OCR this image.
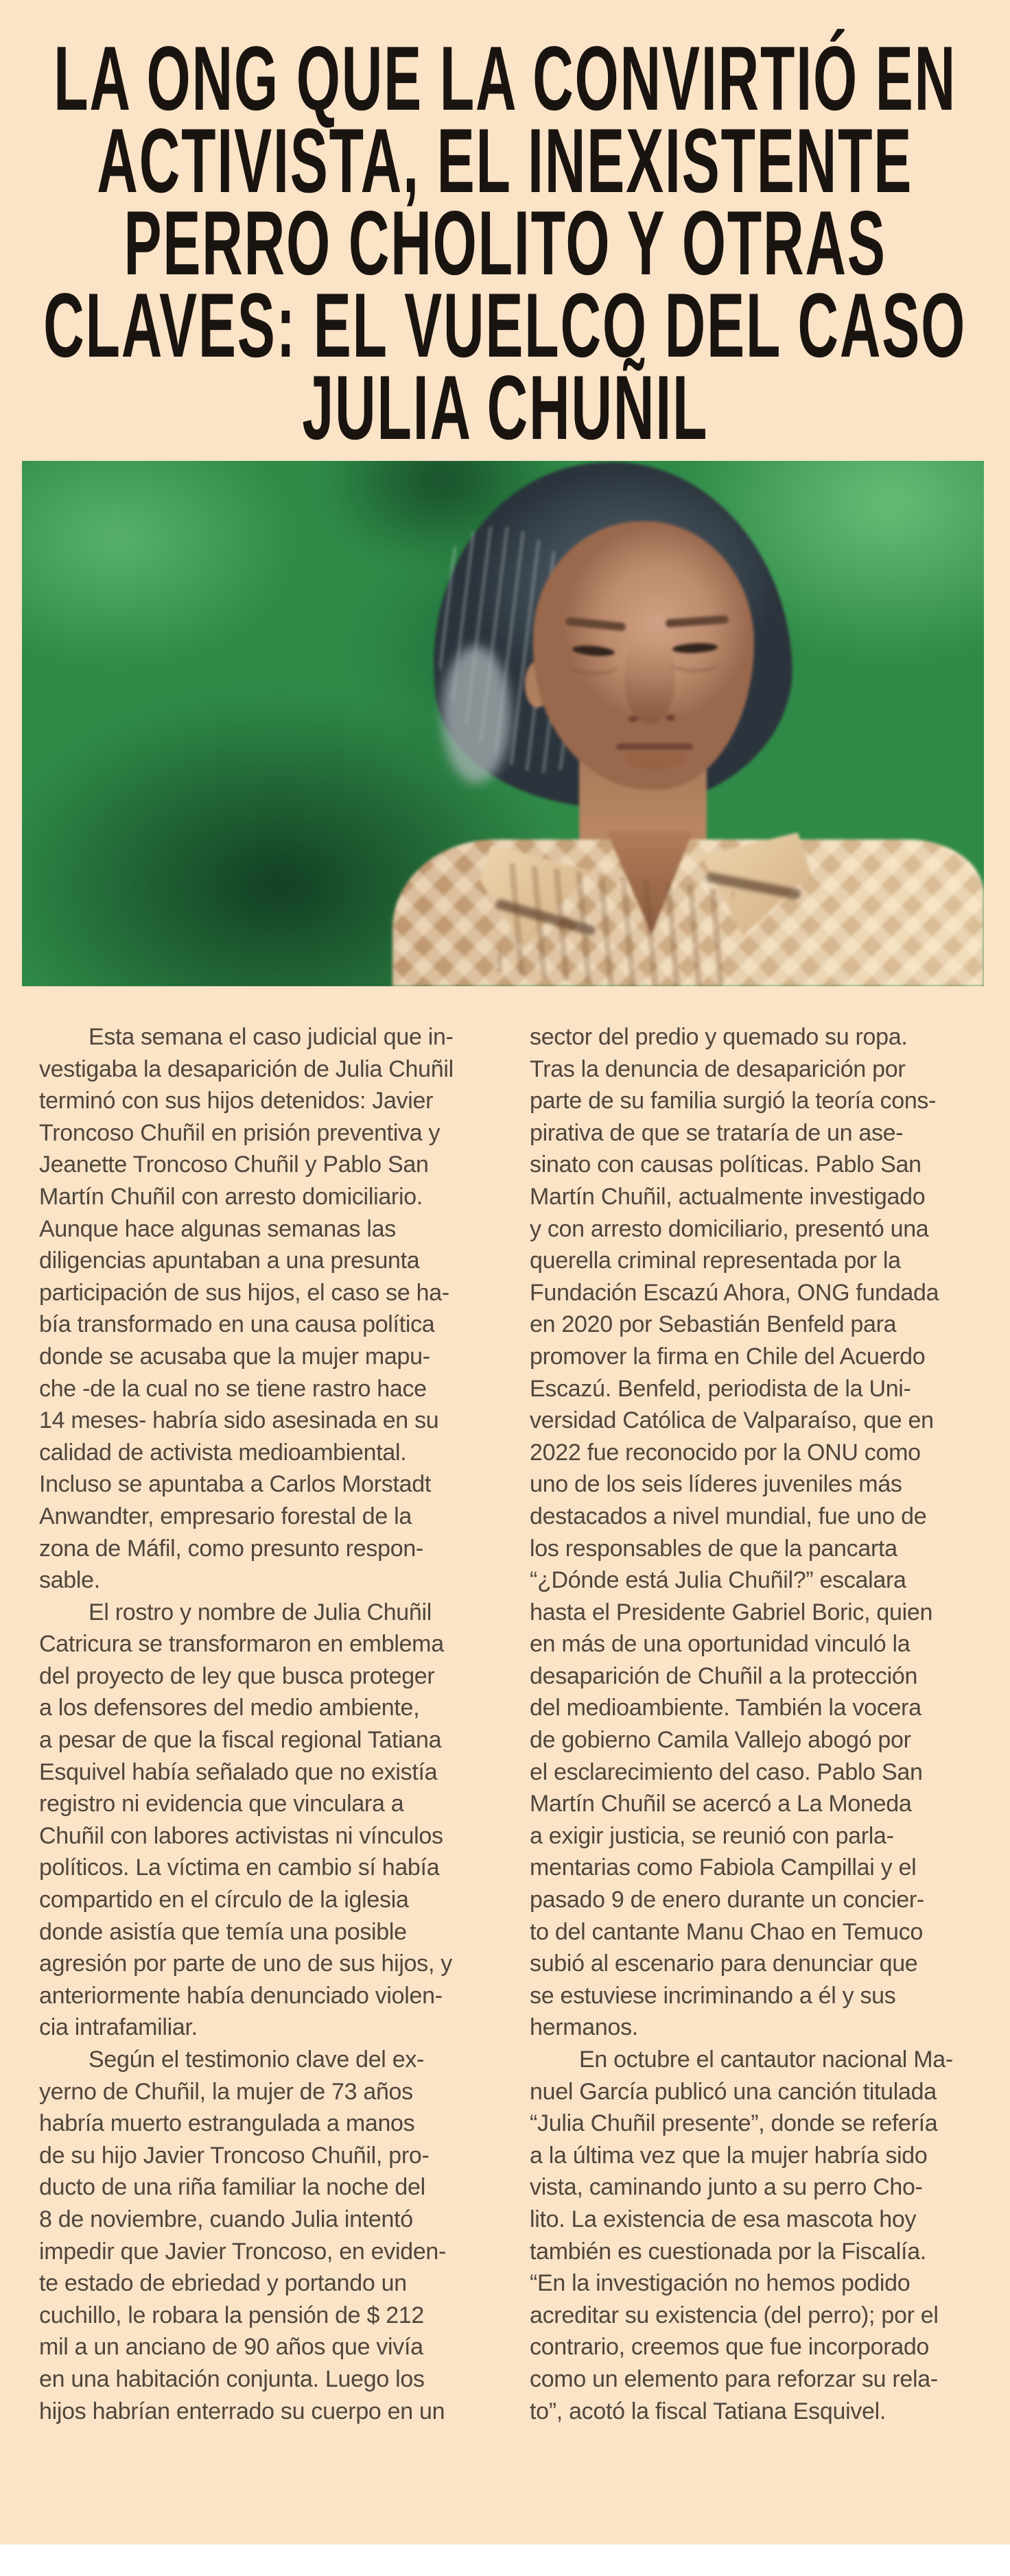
LA ONG QUE LA CONVIRTIÓ EN
ACTIVISTA, EL INEXISTENTE
PERRO CHOLITO Y OTRAS
CLAVES: EL VUELCO DEL CASO
JULIA CHUÑIL
Esta semana el caso judicial que in-
vestigaba la desaparición de Julia Chuñil
terminó con sus hijos detenidos: Javier
Troncoso Chuñil en prisión preventiva y
Jeanette Troncoso Chuñil y Pablo San
Martín Chuñil con arresto domiciliario.
Aunque hace algunas semanas las
diligencias apuntaban a una presunta
participación de sus hijos, el caso se ha-
bía transformado en una causa política
donde se acusaba que la mujer mapu-
che -de la cual no se tiene rastro hace
14 meses- habría sido asesinada en su
calidad de activista medioambiental.
Incluso se apuntaba a Carlos Morstadt
Anwandter, empresario forestal de la
zona de Máfil, como presunto respon-
sable.
El rostro y nombre de Julia Chuñil
Catricura se transformaron en emblema
del proyecto de ley que busca proteger
a los defensores del medio ambiente,
a pesar de que la fiscal regional Tatiana
Esquivel había señalado que no existía
registro ni evidencia que vinculara a
Chuñil con labores activistas ni vínculos
políticos. La víctima en cambio sí había
compartido en el círculo de la iglesia
donde asistía que temía una posible
agresión por parte de uno de sus hijos, y
anteriormente había denunciado violen-
cia intrafamiliar.
Según el testimonio clave del ex-
yerno de Chuñil, la mujer de 73 años
habría muerto estrangulada a manos
de su hijo Javier Troncoso Chuñil, pro-
ducto de una riña familiar la noche del
8 de noviembre, cuando Julia intentó
impedir que Javier Troncoso, en eviden-
te estado de ebriedad y portando un
cuchillo, le robara la pensión de $ 212
mil a un anciano de 90 años que vivía
en una habitación conjunta. Luego los
hijos habrían enterrado su cuerpo en un
sector del predio y quemado su ropa.
Tras la denuncia de desaparición por
parte de su familia surgió la teoría cons-
pirativa de que se trataría de un ase-
sinato con causas políticas. Pablo San
Martín Chuñil, actualmente investigado
y con arresto domiciliario, presentó una
querella criminal representada por la
Fundación Escazú Ahora, ONG fundada
en 2020 por Sebastián Benfeld para
promover la firma en Chile del Acuerdo
Escazú. Benfeld, periodista de la Uni-
versidad Católica de Valparaíso, que en
2022 fue reconocido por la ONU como
uno de los seis líderes juveniles más
destacados a nivel mundial, fue uno de
los responsables de que la pancarta
“¿Dónde está Julia Chuñil?” escalara
hasta el Presidente Gabriel Boric, quien
en más de una oportunidad vinculó la
desaparición de Chuñil a la protección
del medioambiente. También la vocera
de gobierno Camila Vallejo abogó por
el esclarecimiento del caso. Pablo San
Martín Chuñil se acercó a La Moneda
a exigir justicia, se reunió con parla-
mentarias como Fabiola Campillai y el
pasado 9 de enero durante un concier-
to del cantante Manu Chao en Temuco
subió al escenario para denunciar que
se estuviese incriminando a él y sus
hermanos.
En octubre el cantautor nacional Ma-
nuel García publicó una canción titulada
“Julia Chuñil presente”, donde se refería
a la última vez que la mujer habría sido
vista, caminando junto a su perro Cho-
lito. La existencia de esa mascota hoy
también es cuestionada por la Fiscalía.
“En la investigación no hemos podido
acreditar su existencia (del perro); por el
contrario, creemos que fue incorporado
como un elemento para reforzar su rela-
to”, acotó la fiscal Tatiana Esquivel.
